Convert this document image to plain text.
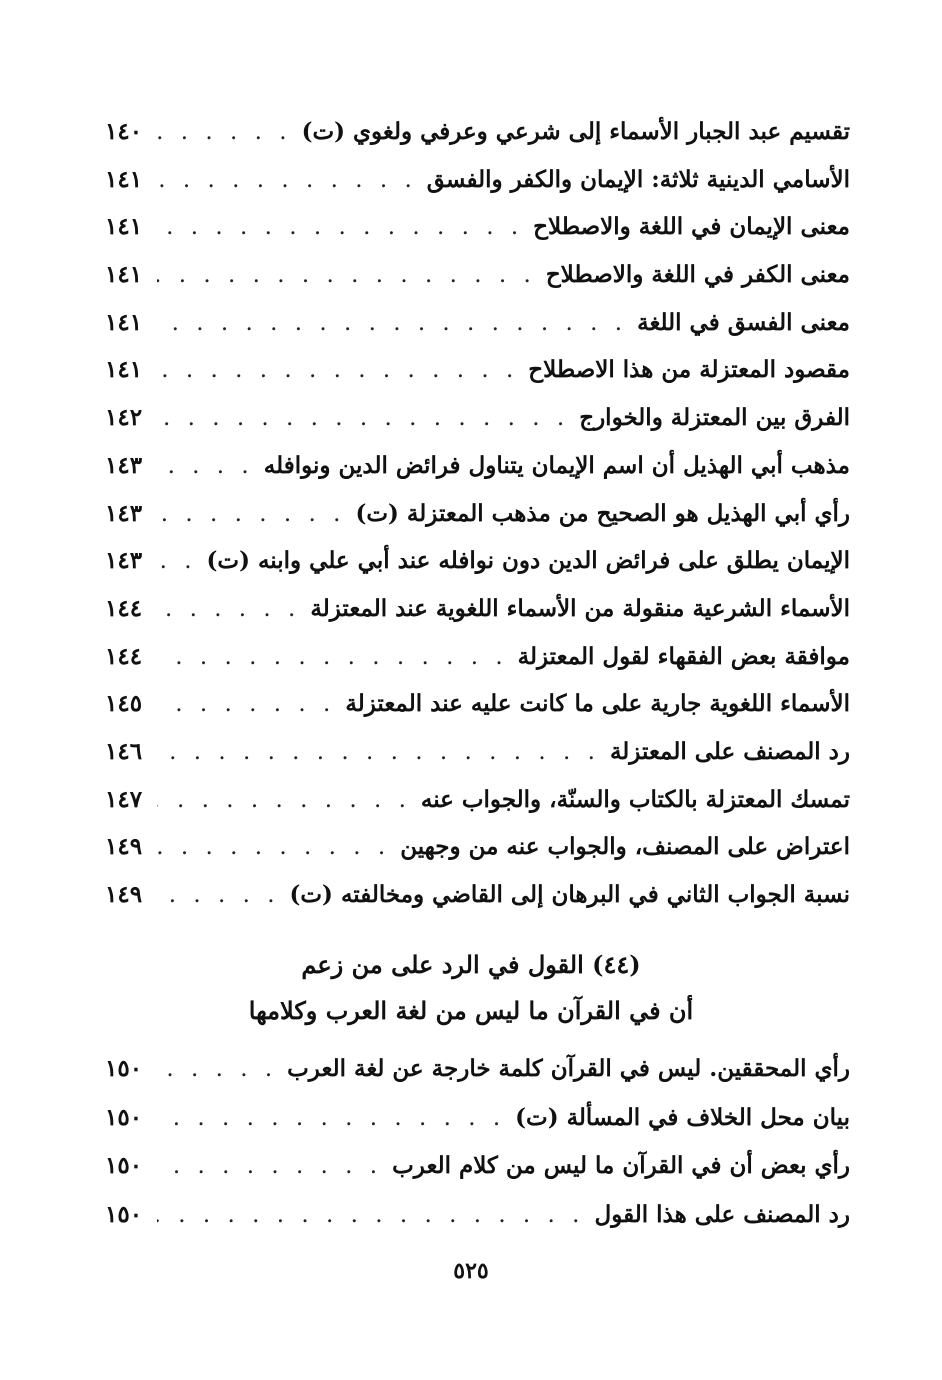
تقسيم عبد الجبار الأسماء إلى شرعي وعرفي ولغوي (ت)
. . .
١٤٠
الأسامي الدينية ثلاثة: الإيمان والكفر والفسق
. . .
١٤١
معنى الإيمان في اللغة والاصطلاح
. . .
١٤١
معنى الكفر في اللغة والاصطلاح
. . .
١٤١
معنى الفسق في اللغة
. . .
١٤١
مقصود المعتزلة من هذا الاصطلاح
. . .
١٤١
الفرق بين المعتزلة والخوارج
. . .
١٤٢
مذهب أبي الهذيل أن اسم الإيمان يتناول فرائض الدين ونوافله
. . .
١٤٣
رأي أبي الهذيل هو الصحيح من مذهب المعتزلة (ت)
. . .
١٤٣
الإيمان يطلق على فرائض الدين دون نوافله عند أبي علي وابنه (ت)
. . .
١٤٣
الأسماء الشرعية منقولة من الأسماء اللغوية عند المعتزلة
. . .
١٤٤
موافقة بعض الفقهاء لقول المعتزلة
. . .
١٤٤
الأسماء اللغوية جارية على ما كانت عليه عند المعتزلة
. . .
١٤٥
رد المصنف على المعتزلة
. . .
١٤٦
تمسك المعتزلة بالكتاب والسنّة، والجواب عنه
. . .
١٤٧
اعتراض على المصنف، والجواب عنه من وجهين
. . .
١٤٩
نسبة الجواب الثاني في البرهان إلى القاضي ومخالفته (ت)
. . .
١٤٩
(٤٤) القول في الرد على من زعم
أن في القرآن ما ليس من لغة العرب وكلامها
رأي المحققين. ليس في القرآن كلمة خارجة عن لغة العرب
. . .
١٥٠
بيان محل الخلاف في المسألة (ت)
. . .
١٥٠
رأي بعض أن في القرآن ما ليس من كلام العرب
. . .
١٥٠
رد المصنف على هذا القول
. . .
١٥٠
٥٢٥
